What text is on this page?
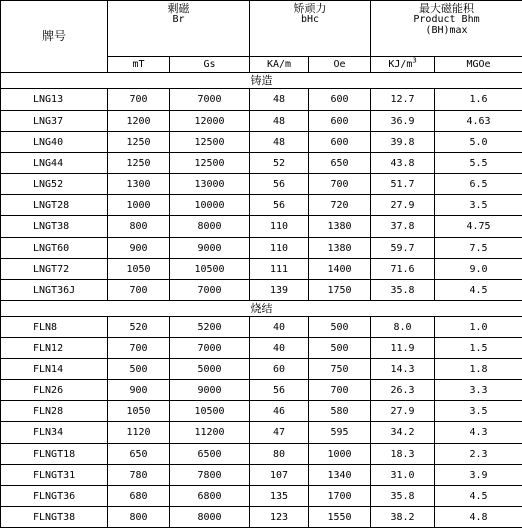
牌号	剩磁
Br		矫顽力
bHc		最大磁能积
Product Bhm
(BH)max	

	mT	Gs	KA/m	Oe	$KJ/m^3$	MGOe
铸造						
LNG13	700	7000	48	600	12.7	1.6
LNG37	1200	12000	48	600	36.9	4.63
LNG40	1250	12500	48	600	39.8	5.0
LNG44	1250	12500	52	650	43.8	5.5
LNG52	1300	13000	56	700	51.7	6.5
LNGT28	1000	10000	56	720	27.9	3.5
LNGT38	800	8000	110	1380	37.8	4.75
LNGT60	900	9000	110	1380	59.7	7.5
LNGT72	1050	10500	111	1400	71.6	9.0
LNGT36J	700	7000	139	1750	35.8	4.5
烧结						
FLN8	520	5200	40	500	8.0	1.0
FLN12	700	7000	40	500	11.9	1.5
FLN14	500	5000	60	750	14.3	1.8
FLN26	900	9000	56	700	26.3	3.3
FLN28	1050	10500	46	580	27.9	3.5
FLN34	1120	11200	47	595	34.2	4.3
FLNGT18	650	6500	80	1000	18.3	2.3
FLNGT31	780	7800	107	1340	31.0	3.9
FLNGT36	680	6800	135	1700	35.8	4.5
FLNGT38	800	8000	123	1550	38.2	4.8
